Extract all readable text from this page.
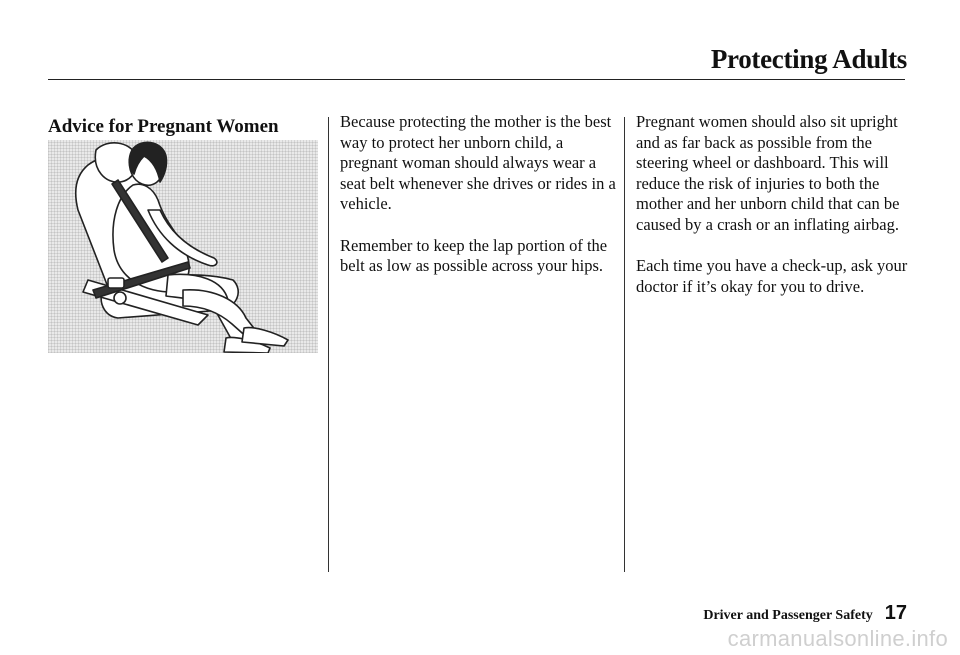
Protecting Adults
Advice for Pregnant Women	Because protecting the mother is the best way to protect her unborn child, a pregnant woman should always wear a seat belt whenever she drives or rides in a vehicle.

Remember to keep the lap portion of the belt as low as possible across your hips.

Pregnant women should also sit upright and as far back as possible from the steering wheel or dashboard. This will reduce the risk of injuries to both the mother and her unborn child that can be caused by a crash or an inflating airbag.

Each time you have a check-up, ask your doctor if it’s okay for you to drive.

Driver and Passenger Safety 17
carmanualsonline.info
